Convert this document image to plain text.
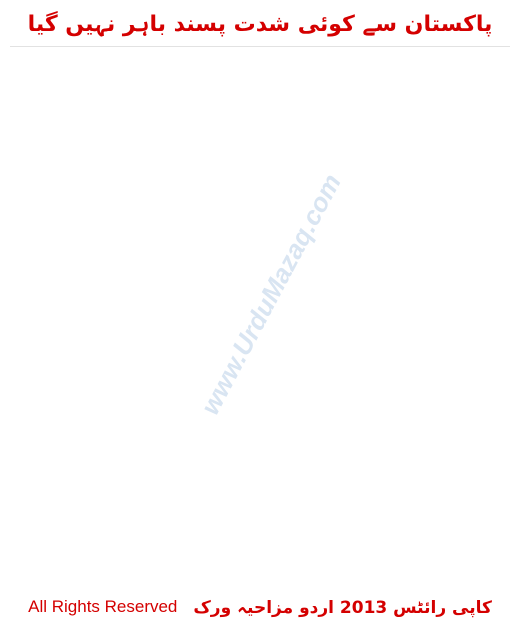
پاکستان سے کوئی شدت پسند باہر نہیں گیا

www.UrduMazaq.com
All Rights Reserved کاپی رائٹس 2013 اردو مزاحیہ ورک
